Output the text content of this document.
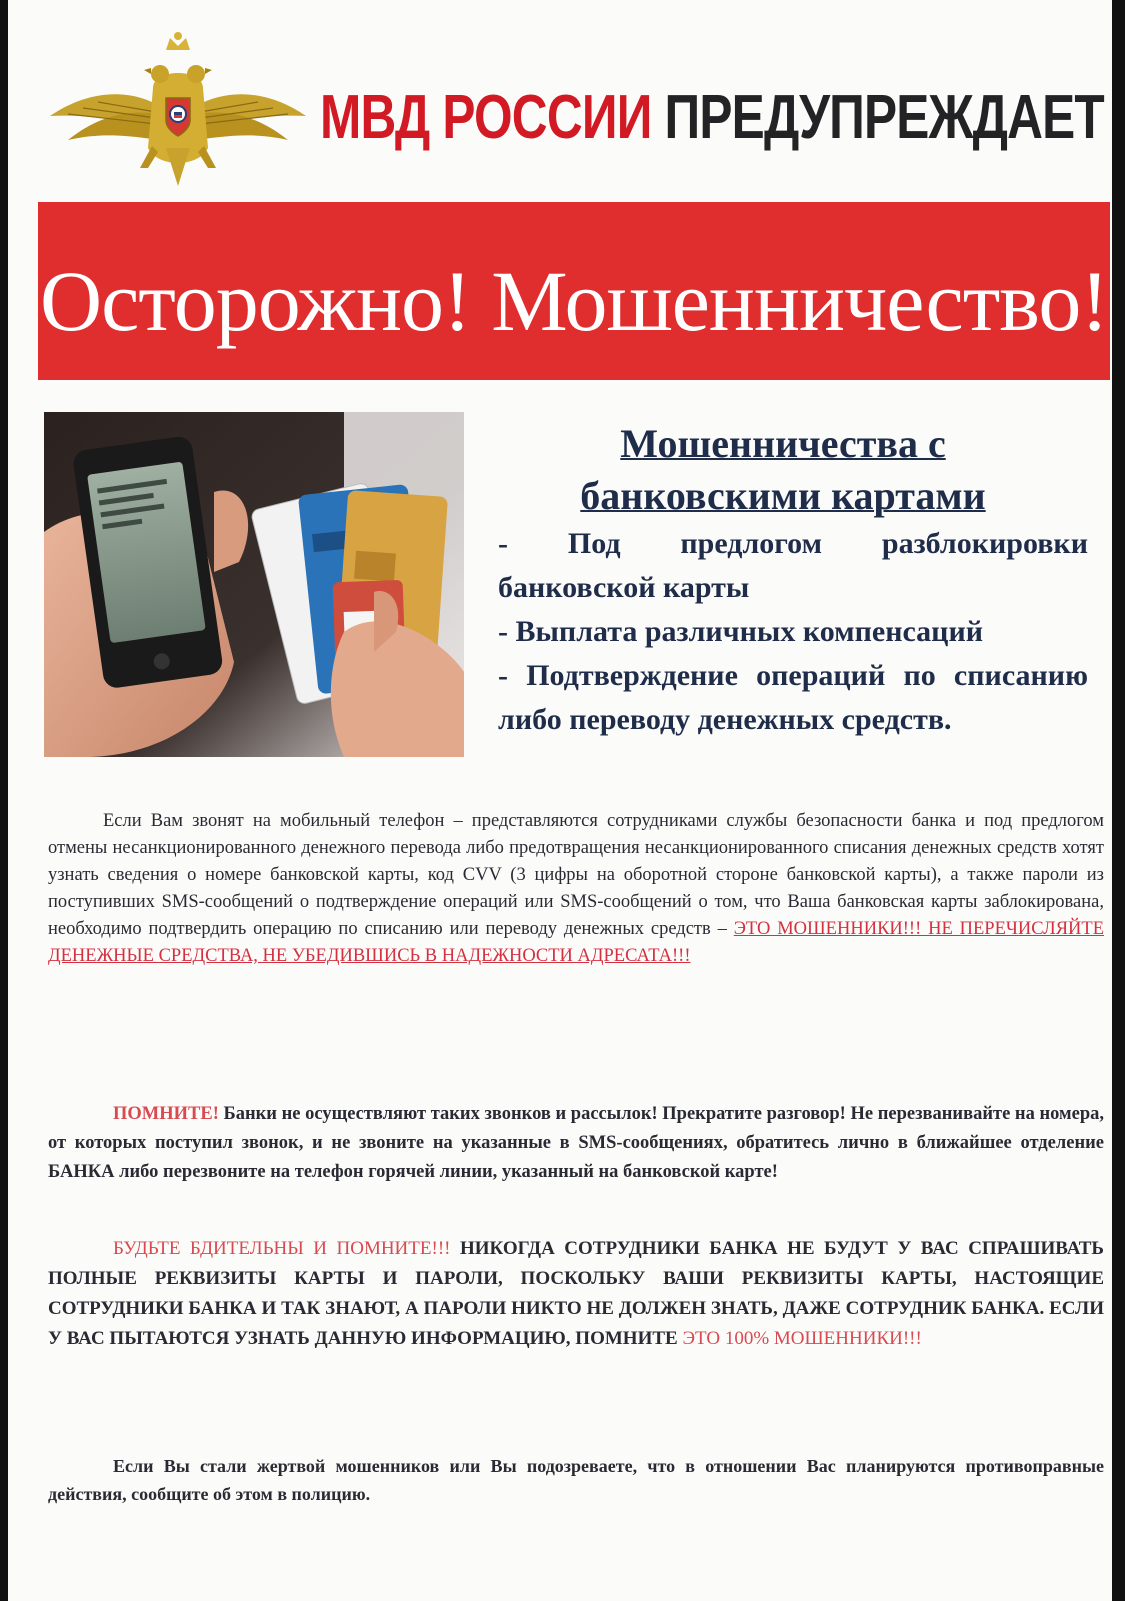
МВД РОССИИ
ПРЕДУПРЕЖДАЕТ
Осторожно! Мошенничество!
Мошенничества с
банковскими картами

- Под предлогом разблокировки банковской карты

- Выплата различных компенсаций

- Подтверждение операций по списанию либо переводу денежных средств.

Если Вам звонят на мобильный телефон – представляются сотрудниками службы безопасности банка и под предлогом отмены несанкционированного денежного перевода либо предотвращения несанкционированного списания денежных средств хотят узнать сведения о номере банковской карты, код CVV (3 цифры на оборотной стороне банковской карты), а также пароли из поступивших SMS-сообщений о подтверждение операций или SMS-сообщений о том, что Ваша банковская карты заблокирована, необходимо подтвердить операцию по списанию или переводу денежных средств – ЭТО МОШЕННИКИ!!! НЕ ПЕРЕЧИСЛЯЙТЕ ДЕНЕЖНЫЕ СРЕДСТВА, НЕ УБЕДИВШИСЬ В НАДЕЖНОСТИ АДРЕСАТА!!!

ПОМНИТЕ! Банки не осуществляют таких звонков и рассылок! Прекратите разговор! Не перезванивайте на номера, от которых поступил звонок, и не звоните на указанные в SMS-сообщениях, обратитесь лично в ближайшее отделение БАНКА либо перезвоните на телефон горячей линии, указанный на банковской карте!

БУДЬТЕ БДИТЕЛЬНЫ И ПОМНИТЕ!!! НИКОГДА СОТРУДНИКИ БАНКА НЕ БУДУТ У ВАС СПРАШИВАТЬ ПОЛНЫЕ РЕКВИЗИТЫ КАРТЫ И ПАРОЛИ, ПОСКОЛЬКУ ВАШИ РЕКВИЗИТЫ КАРТЫ, НАСТОЯЩИЕ СОТРУДНИКИ БАНКА И ТАК ЗНАЮТ, А ПАРОЛИ НИКТО НЕ ДОЛЖЕН ЗНАТЬ, ДАЖЕ СОТРУДНИК БАНКА. ЕСЛИ У ВАС ПЫТАЮТСЯ УЗНАТЬ ДАННУЮ ИНФОРМАЦИЮ, ПОМНИТЕ ЭТО 100% МОШЕННИКИ!!!

Если Вы стали жертвой мошенников или Вы подозреваете, что в отношении Вас планируются противоправные действия, сообщите об этом в полицию.
